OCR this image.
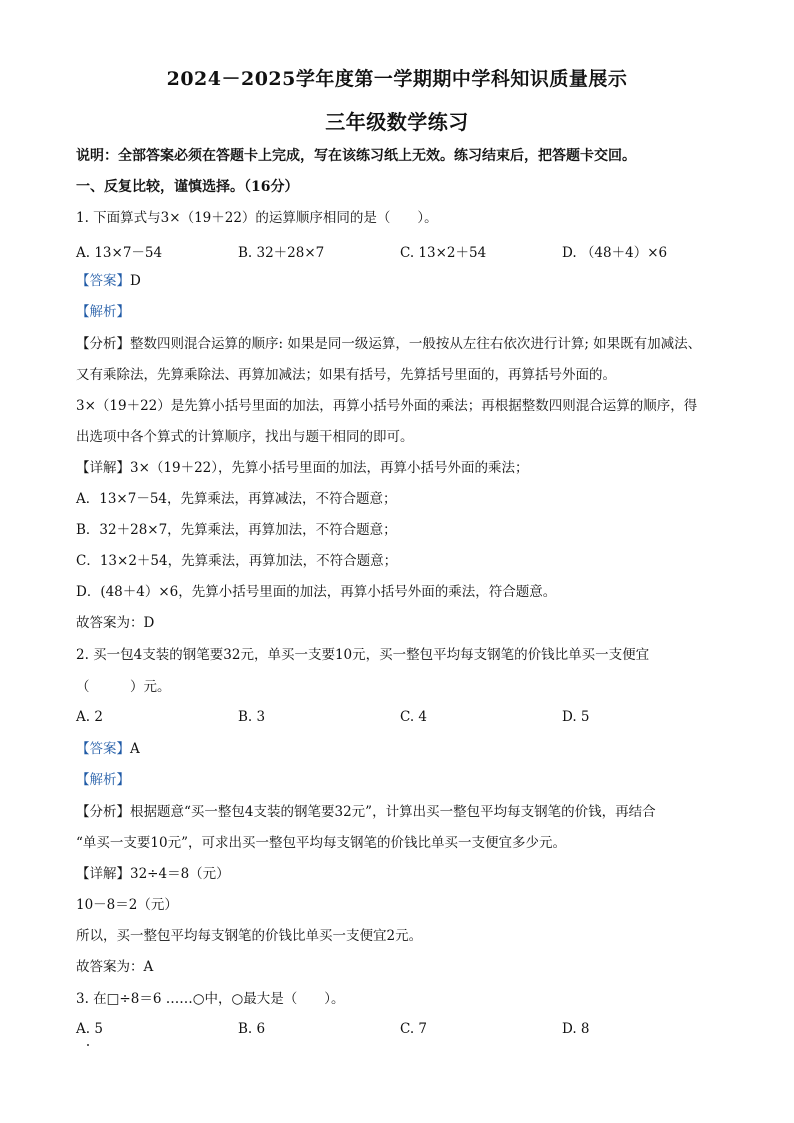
2024－2025学年度第一学期期中学科知识质量展示
三年级数学练习
说明：全部答案必须在答题卡上完成，写在该练习纸上无效。练习结束后，把答题卡交回。
一、反复比较，谨慎选择。（16分）
1. 下面算式与3×（19＋22）的运算顺序相同的是（　　）。
A. 13×7－54	B. 32＋28×7	C. 13×2＋54	D. （48＋4）×6
【答案】D
【解析】
【分析】整数四则混合运算的顺序: 如果是同一级运算，一般按从左往右依次进行计算; 如果既有加减法、
又有乘除法，先算乘除法、再算加减法；如果有括号，先算括号里面的，再算括号外面的。
3×（19＋22）是先算小括号里面的加法，再算小括号外面的乘法；再根据整数四则混合运算的顺序，得
出选项中各个算式的计算顺序，找出与题干相同的即可。
【详解】3×（19＋22），先算小括号里面的加法，再算小括号外面的乘法；
A．13×7－54，先算乘法，再算减法，不符合题意；
B．32＋28×7，先算乘法，再算加法，不符合题意；
C．13×2＋54，先算乘法，再算加法，不符合题意；
D．(48＋4）×6，先算小括号里面的加法，再算小括号外面的乘法，符合题意。
故答案为：D
2. 买一包4支装的钢笔要32元，单买一支要10元，买一整包平均每支钢笔的价钱比单买一支便宜
（　　　）元。
A. 2	B. 3	C. 4	D. 5
【答案】A
【解析】
【分析】根据题意“买一整包4支装的钢笔要32元”，计算出买一整包平均每支钢笔的价钱，再结合
“单买一支要10元”，可求出买一整包平均每支钢笔的价钱比单买一支便宜多少元。
【详解】32÷4＝8（元）
10－8＝2（元）
所以，买一整包平均每支钢笔的价钱比单买一支便宜2元。
故答案为：A
3. 在□÷8＝6 ……○中，○最大是（　　）。
A. 5	B. 6	C. 7	D. 8
